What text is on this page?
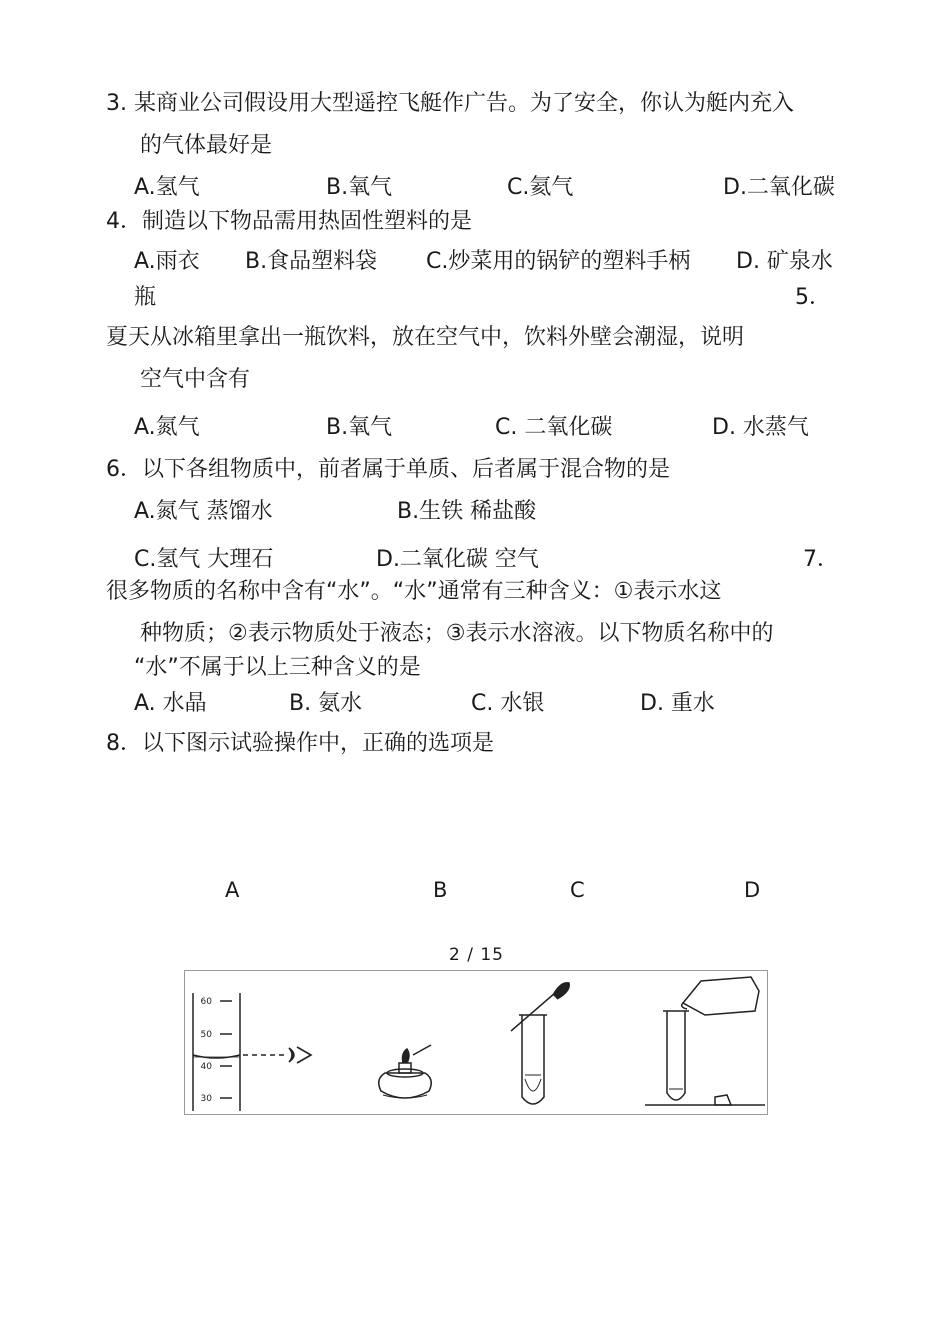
3. 某商业公司假设用大型遥控飞艇作广告。为了安全，你认为艇内充入
的气体最好是
A.氢气	B.氧气	C.氦气	D.二氧化碳
4．制造以下物品需用热固性塑料的是
A.雨衣 B.食品塑料袋 C.炒菜用的锅铲的塑料手柄 D. 矿泉水
瓶	5．
夏天从冰箱里拿出一瓶饮料，放在空气中，饮料外壁会潮湿，说明
空气中含有
A.氮气	B.氧气	C. 二氧化碳	D. 水蒸气
6．以下各组物质中，前者属于单质、后者属于混合物的是
A.氮气 蒸馏水	B.生铁 稀盐酸
C.氢气 大理石	D.二氧化碳 空气	7．
很多物质的名称中含有“水”。“水”通常有三种含义：①表示水这
种物质；②表示物质处于液态；③表示水溶液。以下物质名称中的
“水”不属于以上三种含义的是
A. 水晶	B. 氨水	C. 水银	D. 重水
8．以下图示试验操作中，正确的选项是
A	B	C	D
2 / 15
60
50
40
30
